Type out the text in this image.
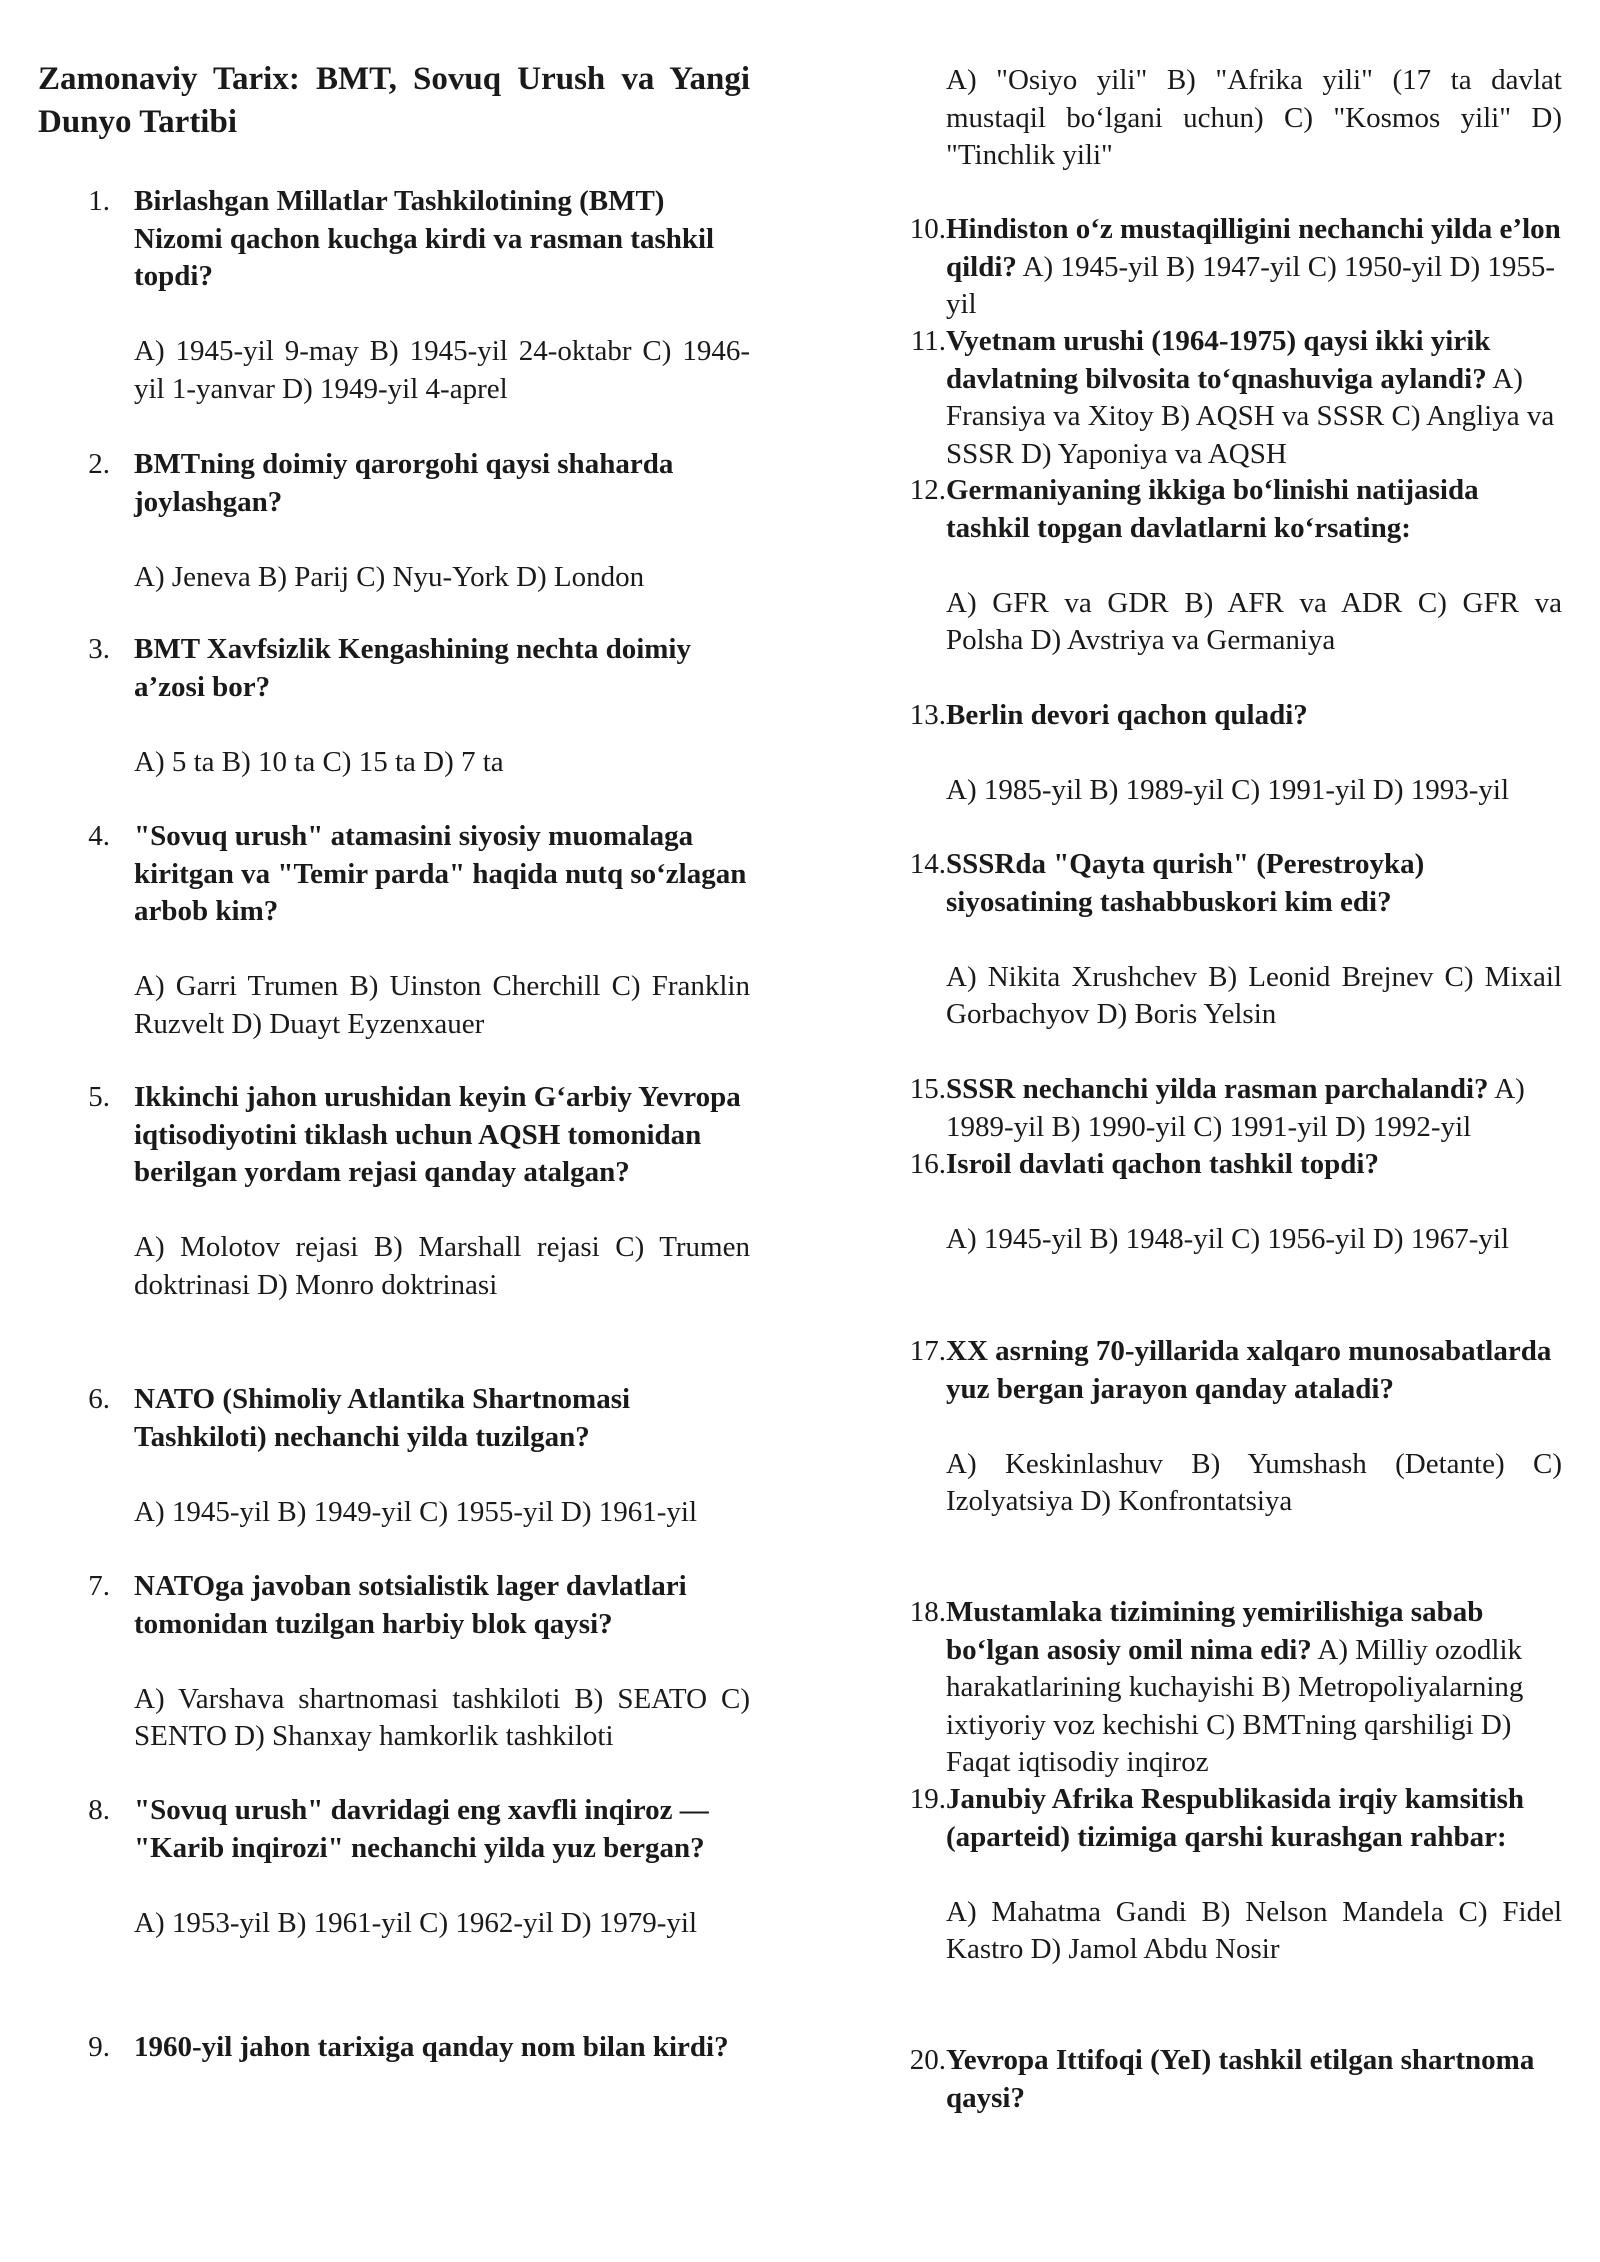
Zamonaviy Tarix: BMT, Sovuq Urush va Yangi Dunyo Tartibi
1. Birlashgan Millatlar Tashkilotining (BMT) Nizomi qachon kuchga kirdi va rasman tashkil topdi?
A) 1945-yil 9-may B) 1945-yil 24-oktabr C) 1946-yil 1-yanvar D) 1949-yil 4-aprel
2. BMTning doimiy qarorgohi qaysi shaharda joylashgan?
A) Jeneva B) Parij C) Nyu-York D) London
3. BMT Xavfsizlik Kengashining nechta doimiy a’zosi bor?
A) 5 ta B) 10 ta C) 15 ta D) 7 ta
4. "Sovuq urush" atamasini siyosiy muomalaga kiritgan va "Temir parda" haqida nutq so‘zlagan arbob kim?
A) Garri Trumen B) Uinston Cherchill C) Franklin Ruzvelt D) Duayt Eyzenxauer
5. Ikkinchi jahon urushidan keyin G‘arbiy Yevropa iqtisodiyotini tiklash uchun AQSH tomonidan berilgan yordam rejasi qanday atalgan?
A) Molotov rejasi B) Marshall rejasi C) Trumen doktrinasi D) Monro doktrinasi
6. NATO (Shimoliy Atlantika Shartnomasi Tashkiloti) nechanchi yilda tuzilgan?
A) 1945-yil B) 1949-yil C) 1955-yil D) 1961-yil
7. NATOga javoban sotsialistik lager davlatlari tomonidan tuzilgan harbiy blok qaysi?
A) Varshava shartnomasi tashkiloti B) SEATO C) SENTO D) Shanxay hamkorlik tashkiloti
8. "Sovuq urush" davridagi eng xavfli inqiroz — "Karib inqirozi" nechanchi yilda yuz bergan?
A) 1953-yil B) 1961-yil C) 1962-yil D) 1979-yil
9. 1960-yil jahon tarixiga qanday nom bilan kirdi?
A) "Osiyo yili" B) "Afrika yili" (17 ta davlat mustaqil bo‘lgani uchun) C) "Kosmos yili" D) "Tinchlik yili"
10. Hindiston o‘z mustaqilligini nechanchi yilda e’lon qildi? A) 1945-yil B) 1947-yil C) 1950-yil D) 1955-yil
11. Vyetnam urushi (1964-1975) qaysi ikki yirik davlatning bilvosita to‘qnashuviga aylandi? A) Fransiya va Xitoy B) AQSH va SSSR C) Angliya va SSSR D) Yaponiya va AQSH
12. Germaniyaning ikkiga bo‘linishi natijasida tashkil topgan davlatlarni ko‘rsating:
A) GFR va GDR B) AFR va ADR C) GFR va Polsha D) Avstriya va Germaniya
13. Berlin devori qachon quladi?
A) 1985-yil B) 1989-yil C) 1991-yil D) 1993-yil
14. SSSRda "Qayta qurish" (Perestroyka) siyosatining tashabbuskori kim edi?
A) Nikita Xrushchev B) Leonid Brejnev C) Mixail Gorbachyov D) Boris Yelsin
15. SSSR nechanchi yilda rasman parchalandi? A) 1989-yil B) 1990-yil C) 1991-yil D) 1992-yil
16. Isroil davlati qachon tashkil topdi?
A) 1945-yil B) 1948-yil C) 1956-yil D) 1967-yil
17. XX asrning 70-yillarida xalqaro munosabatlarda yuz bergan jarayon qanday ataladi?
A) Keskinlashuv B) Yumshash (Detante) C) Izolyatsiya D) Konfrontatsiya
18. Mustamlaka tizimining yemirilishiga sabab bo‘lgan asosiy omil nima edi? A) Milliy ozodlik harakatlarining kuchayishi B) Metropoliyalarning ixtiyoriy voz kechishi C) BMTning qarshiligi D) Faqat iqtisodiy inqiroz
19. Janubiy Afrika Respublikasida irqiy kamsitish (aparteid) tizimiga qarshi kurashgan rahbar:
A) Mahatma Gandi B) Nelson Mandela C) Fidel Kastro D) Jamol Abdu Nosir
20. Yevropa Ittifoqi (YeI) tashkil etilgan shartnoma qaysi?
